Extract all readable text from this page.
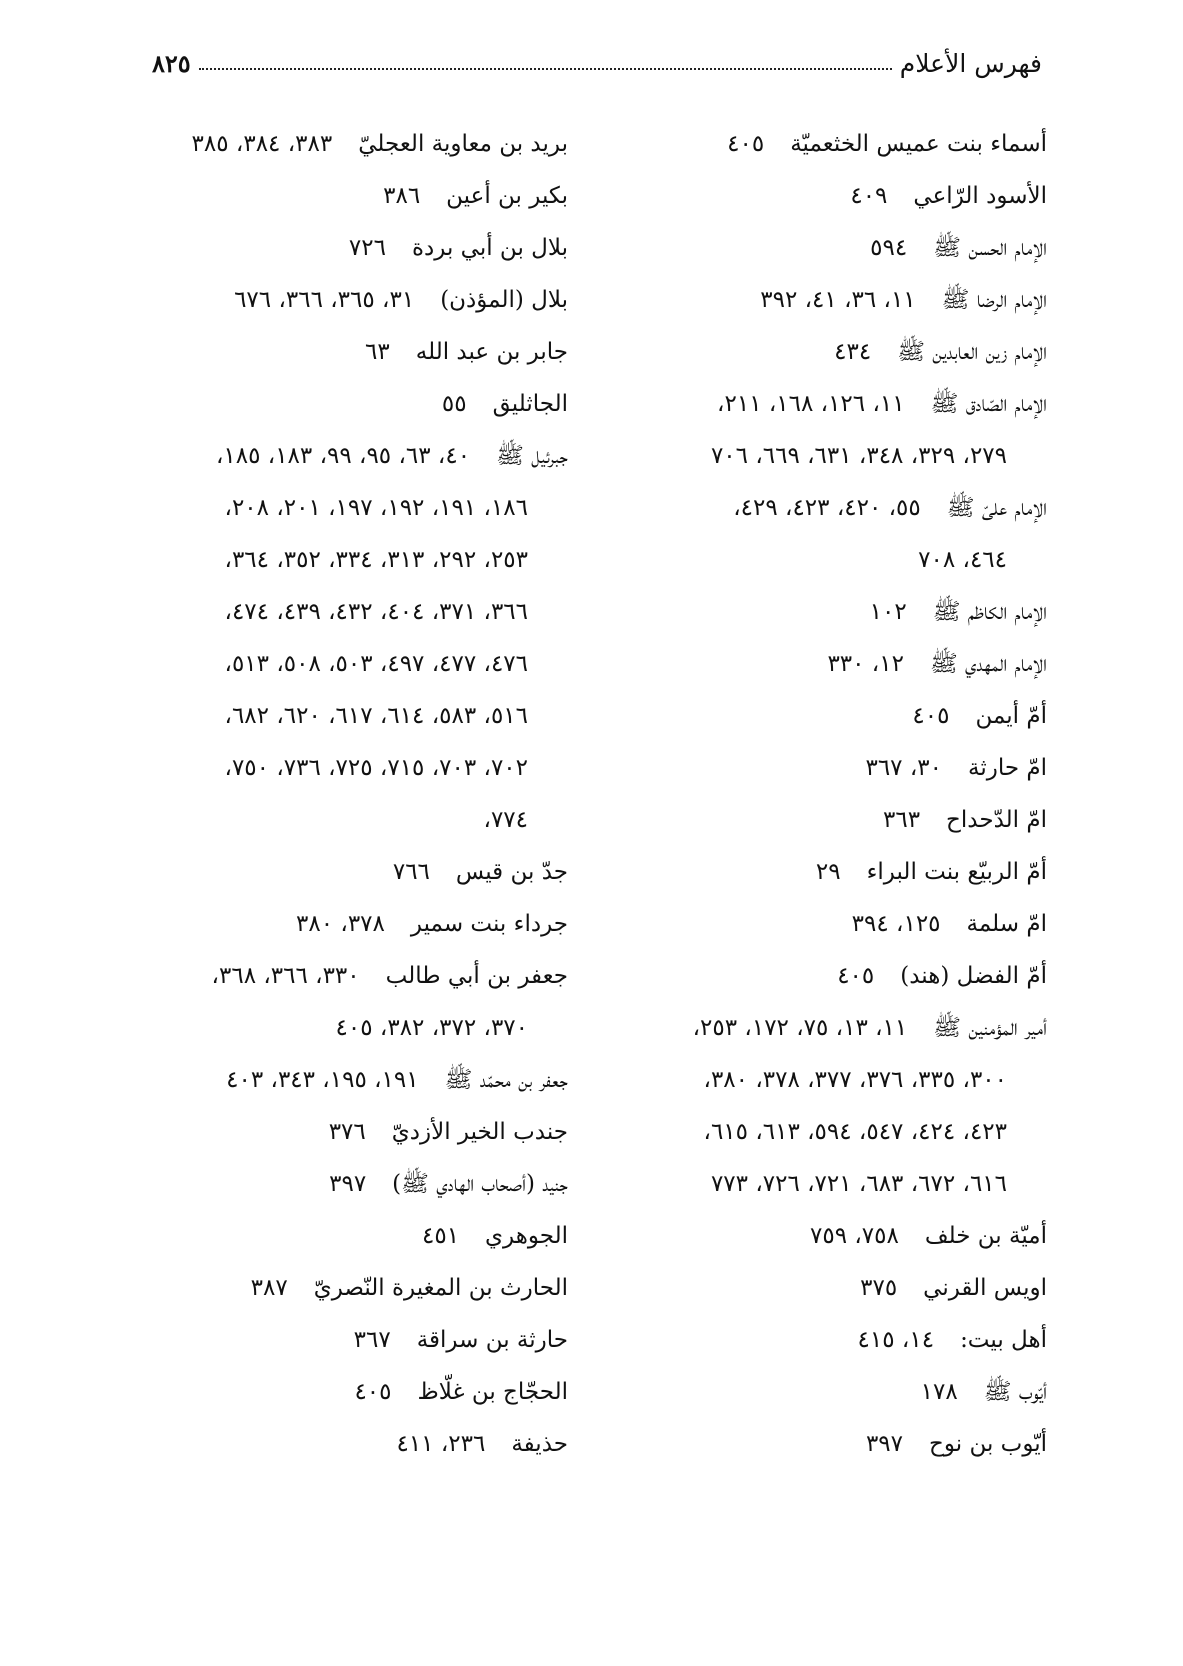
فهرس الأعلام
٨٢٥
أسماء بنت عميس الخثعميّة٤٠٥
الأسود الرّاعي٤٠٩
الإمام الحسن ﷺ٥٩٤
الإمام الرضا ﷺ١١، ٣٦، ٤١، ٣٩٢
الإمام زين العابدين ﷺ٤٣٤
الإمام الصّادق ﷺ١١، ١٢٦، ١٦٨، ٢١١،
٢٧٩، ٣٢٩، ٣٤٨، ٦٣١، ٦٦٩، ٧٠٦
الإمام علىّ ﷺ٥٥، ٤٢٠، ٤٢٣، ٤٢٩،
٤٦٤، ٧٠٨
الإمام الكاظم ﷺ١٠٢
الإمام المهدي ﷺ١٢، ٣٣٠
أمّ أيمن٤٠٥
امّ حارثة٣٠، ٣٦٧
امّ الدّحداح٣٦٣
أمّ الربيّع بنت البراء٢٩
امّ سلمة١٢٥، ٣٩٤
أمّ الفضل (هند)٤٠٥
أمير المؤمنين ﷺ١١، ١٣، ٧٥، ١٧٢، ٢٥٣،
٣٠٠، ٣٣٥، ٣٧٦، ٣٧٧، ٣٧٨، ٣٨٠،
٤٢٣، ٤٢٤، ٥٤٧، ٥٩٤، ٦١٣، ٦١٥،
٦١٦، ٦٧٢، ٦٨٣، ٧٢١، ٧٢٦، ٧٧٣
أميّة بن خلف٧٥٨، ٧٥٩
اويس القرني٣٧٥
أهل بيت:١٤، ٤١٥
أيّوب ﷺ١٧٨
أيّوب بن نوح٣٩٧
بريد بن معاوية العجليّ٣٨٣، ٣٨٤، ٣٨٥
بكير بن أعين٣٨٦
بلال بن أبي بردة٧٢٦
بلال (المؤذن)٣١، ٣٦٥، ٣٦٦، ٦٧٦
جابر بن عبد الله٦٣
الجاثليق٥٥
جبرئيل ﷺ٤٠، ٦٣، ٩٥، ٩٩، ١٨٣، ١٨٥،
١٨٦، ١٩١، ١٩٢، ١٩٧، ٢٠١، ٢٠٨،
٢٥٣، ٢٩٢، ٣١٣، ٣٣٤، ٣٥٢، ٣٦٤،
٣٦٦، ٣٧١، ٤٠٤، ٤٣٢، ٤٣٩، ٤٧٤،
٤٧٦، ٤٧٧، ٤٩٧، ٥٠٣، ٥٠٨، ٥١٣،
٥١٦، ٥٨٣، ٦١٤، ٦١٧، ٦٢٠، ٦٨٢،
٧٠٢، ٧٠٣، ٧١٥، ٧٢٥، ٧٣٦، ٧٥٠،
٧٧٤،
جدّ بن قيس٧٦٦
جرداء بنت سمير٣٧٨، ٣٨٠
جعفر بن أبي طالب٣٣٠، ٣٦٦، ٣٦٨،
٣٧٠، ٣٧٢، ٣٨٢، ٤٠٥
جعفر بن محمّد ﷺ١٩١، ١٩٥، ٣٤٣، ٤٠٣
جندب الخير الأزديّ٣٧٦
جنيد (أصحاب الهادي ﷺ)٣٩٧
الجوهري٤٥١
الحارث بن المغيرة النّصريّ٣٨٧
حارثة بن سراقة٣٦٧
الحجّاج بن غلّاظ٤٠٥
حذيفة٢٣٦، ٤١١
